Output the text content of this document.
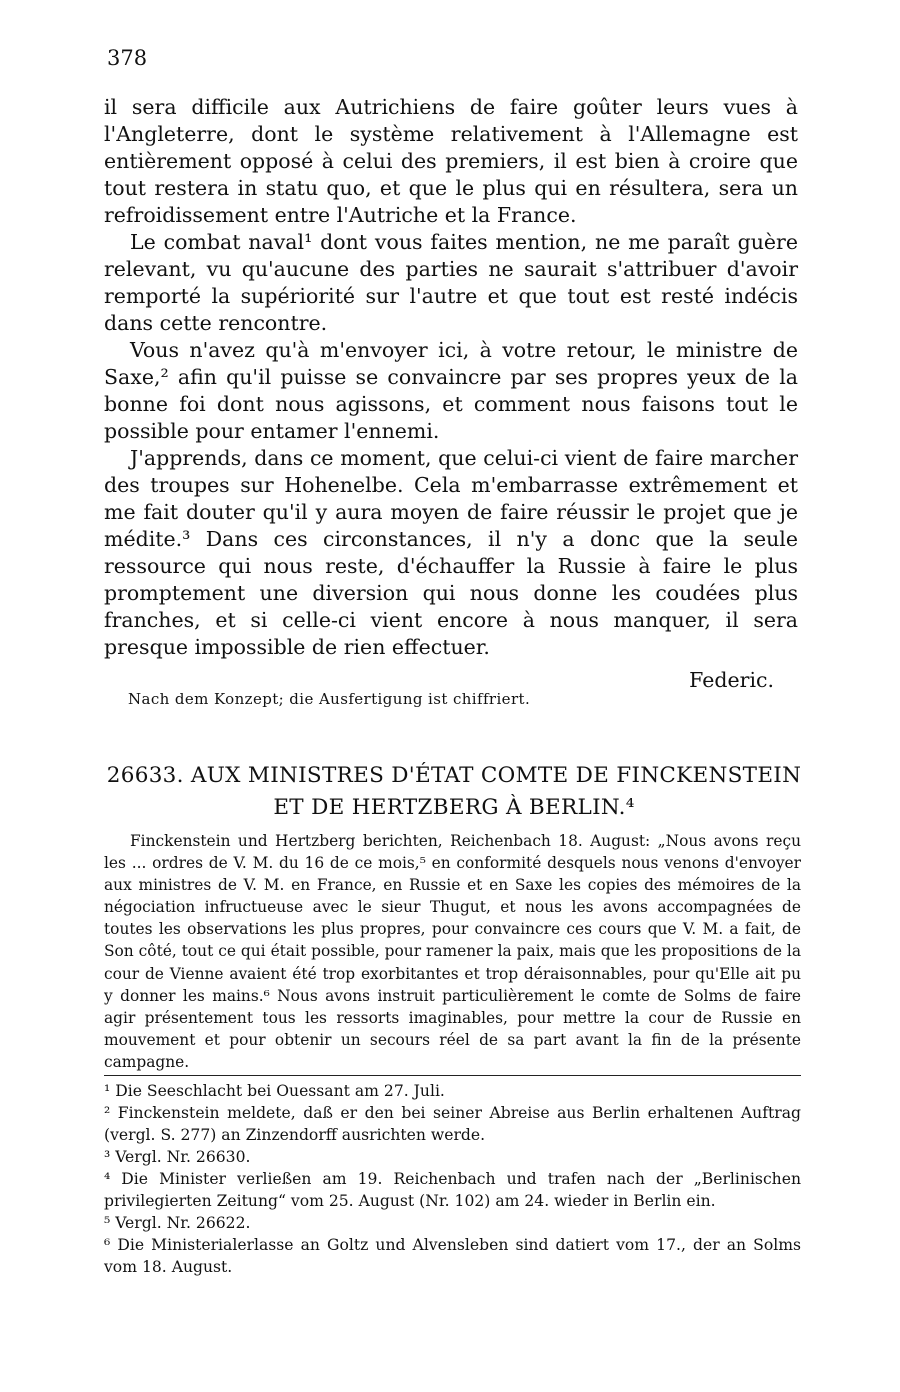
378

il sera difficile aux Autrichiens de faire goûter leurs vues à l'Angleterre, dont le système relativement à l'Allemagne est entièrement opposé à celui des premiers, il est bien à croire que tout restera in statu quo, et que le plus qui en résultera, sera un refroidissement entre l'Autriche et la France.

Le combat naval¹ dont vous faites mention, ne me paraît guère relevant, vu qu'aucune des parties ne saurait s'attribuer d'avoir remporté la supériorité sur l'autre et que tout est resté indécis dans cette rencontre.

Vous n'avez qu'à m'envoyer ici, à votre retour, le ministre de Saxe,² afin qu'il puisse se convaincre par ses propres yeux de la bonne foi dont nous agissons, et comment nous faisons tout le possible pour entamer l'ennemi.

J'apprends, dans ce moment, que celui-ci vient de faire marcher des troupes sur Hohenelbe. Cela m'embarrasse extrêmement et me fait douter qu'il y aura moyen de faire réussir le projet que je médite.³ Dans ces circonstances, il n'y a donc que la seule ressource qui nous reste, d'échauffer la Russie à faire le plus promptement une diversion qui nous donne les coudées plus franches, et si celle-ci vient encore à nous manquer, il sera presque impossible de rien effectuer.

Federic.

Nach dem Konzept; die Ausfertigung ist chiffriert.
26633. AUX MINISTRES D'ÉTAT COMTE DE FINCKENSTEIN
ET DE HERTZBERG À BERLIN.⁴
Finckenstein und Hertzberg berichten, Reichenbach 18. August: „Nous avons reçu les ... ordres de V. M. du 16 de ce mois,⁵ en conformité desquels nous venons d'envoyer aux ministres de V. M. en France, en Russie et en Saxe les copies des mémoires de la négociation infructueuse avec le sieur Thugut, et nous les avons accompagnées de toutes les observations les plus propres, pour convaincre ces cours que V. M. a fait, de Son côté, tout ce qui était possible, pour ramener la paix, mais que les propositions de la cour de Vienne avaient été trop exorbitantes et trop déraisonnables, pour qu'Elle ait pu y donner les mains.⁶ Nous avons instruit particulièrement le comte de Solms de faire agir présentement tous les ressorts imaginables, pour mettre la cour de Russie en mouvement et pour obtenir un secours réel de sa part avant la fin de la présente campagne.
¹ Die Seeschlacht bei Ouessant am 27. Juli.
² Finckenstein meldete, daß er den bei seiner Abreise aus Berlin erhaltenen Auftrag (vergl. S. 277) an Zinzendorff ausrichten werde.
³ Vergl. Nr. 26630.
⁴ Die Minister verließen am 19. Reichenbach und trafen nach der „Berlinischen privilegierten Zeitung“ vom 25. August (Nr. 102) am 24. wieder in Berlin ein.
⁵ Vergl. Nr. 26622.
⁶ Die Ministerialerlasse an Goltz und Alvensleben sind datiert vom 17., der an Solms vom 18. August.
